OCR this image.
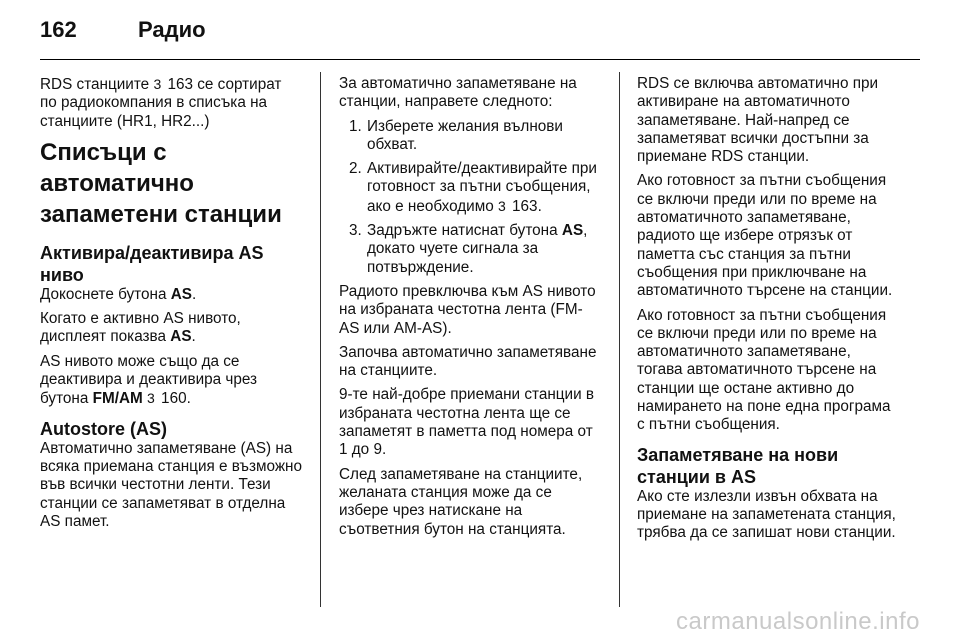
162	Радио

RDS станциите 3 163 се сортират по радиокомпания в списъка на станциите (HR1, HR2...)

Списъци с автоматично запаметени станции
Активира/деактивира AS ниво

Докоснете бутона AS.

Когато е активно AS нивото, дисплеят показва AS.

AS нивото може също да се деактивира и деактивира чрез бутона FM/AM 3 160.

Autostore (AS)

Автоматично запаметяване (AS) на всяка приемана станция е възможно във всички честотни ленти. Тези станции се запаметяват в отделна AS памет.

За автоматично запаметяване на станции, направете следното:

1. Изберете желания вълнови обхват.
2. Активирайте/деактивирайте при готовност за пътни съобщения, ако е необходимо 3 163.
3. Задръжте натиснат бутона AS, докато чуете сигнала за потвърждение.

Радиото превключва към AS нивото на избраната честотна лента (FM-AS или AM-AS).

Започва автоматично запаметяване на станциите.

9-те най-добре приемани станции в избраната честотна лента ще се запаметят в паметта под номера от 1 до 9.

След запаметяване на станциите, желаната станция може да се избере чрез натискане на съответния бутон на станцията.

RDS се включва автоматично при активиране на автоматичното запаметяване. Най-напред се запаметяват всички достъпни за приемане RDS станции.

Ако готовност за пътни съобщения се включи преди или по време на автоматичното запаметяване, радиото ще избере отрязък от паметта със станция за пътни съобщения при приключване на автоматичното търсене на станции.

Ако готовност за пътни съобщения се включи преди или по време на автоматичното запаметяване, тогава автоматичното търсене на станции ще остане активно до намирането на поне една програма с пътни съобщения.

Запаметяване на нови станции в AS

Ако сте излезли извън обхвата на приемане на запаметената станция, трябва да се запишат нови станции.

carmanualsonline.info
